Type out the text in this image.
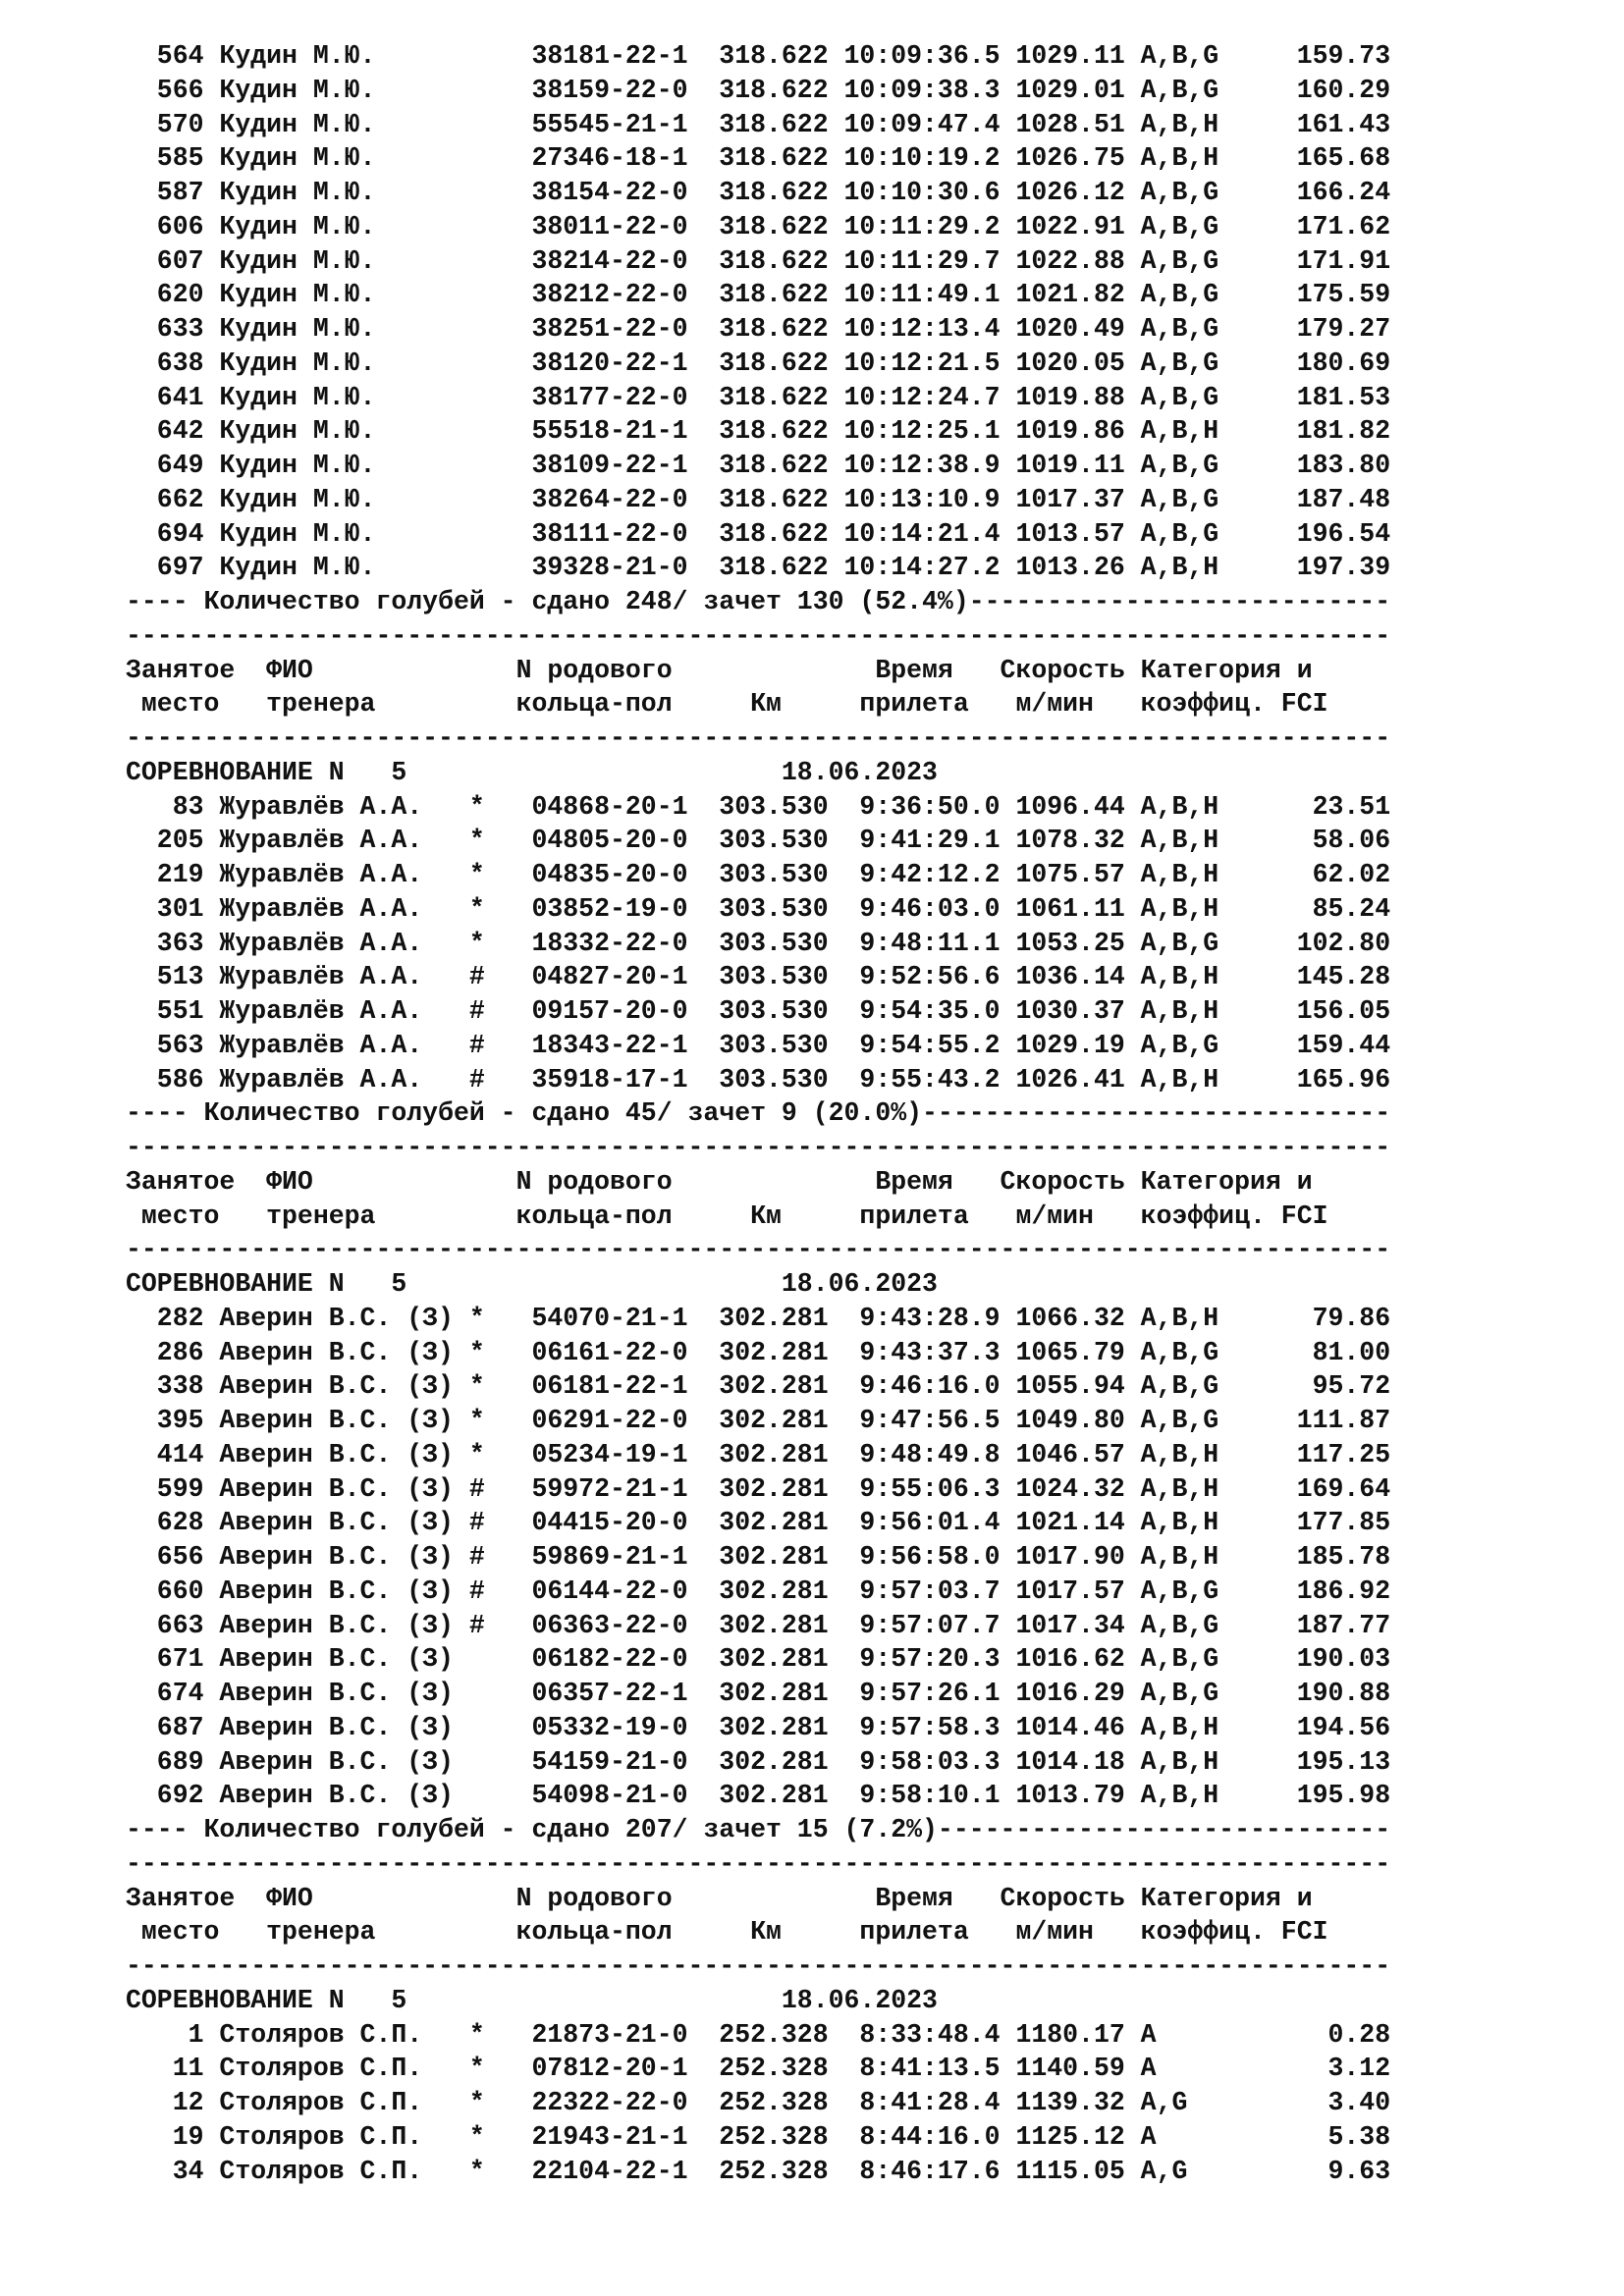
564 Кудин М.Ю.          38181-22-1  318.622 10:09:36.5 1029.11 A,B,G     159.73
566 Кудин М.Ю.          38159-22-0  318.622 10:09:38.3 1029.01 A,B,G     160.29
570 Кудин М.Ю.          55545-21-1  318.622 10:09:47.4 1028.51 A,B,H     161.43
585 Кудин М.Ю.          27346-18-1  318.622 10:10:19.2 1026.75 A,B,H     165.68
587 Кудин М.Ю.          38154-22-0  318.622 10:10:30.6 1026.12 A,B,G     166.24
606 Кудин М.Ю.          38011-22-0  318.622 10:11:29.2 1022.91 A,B,G     171.62
607 Кудин М.Ю.          38214-22-0  318.622 10:11:29.7 1022.88 A,B,G     171.91
620 Кудин М.Ю.          38212-22-0  318.622 10:11:49.1 1021.82 A,B,G     175.59
633 Кудин М.Ю.          38251-22-0  318.622 10:12:13.4 1020.49 A,B,G     179.27
638 Кудин М.Ю.          38120-22-1  318.622 10:12:21.5 1020.05 A,B,G     180.69
641 Кудин М.Ю.          38177-22-0  318.622 10:12:24.7 1019.88 A,B,G     181.53
642 Кудин М.Ю.          55518-21-1  318.622 10:12:25.1 1019.86 A,B,H     181.82
649 Кудин М.Ю.          38109-22-1  318.622 10:12:38.9 1019.11 A,B,G     183.80
662 Кудин М.Ю.          38264-22-0  318.622 10:13:10.9 1017.37 A,B,G     187.48
694 Кудин М.Ю.          38111-22-0  318.622 10:14:21.4 1013.57 A,B,G     196.54
697 Кудин М.Ю.          39328-21-0  318.622 10:14:27.2 1013.26 A,B,H     197.39
---- Количество голубей - сдано 248/ зачет 130 (52.4%)---------------------------
---------------------------------------------------------------------------------
Занятое  ФИО             N родового             Время   Скорость Категория и
место   тренера         кольца-пол     Км     прилета   м/мин   коэффиц. FCI
---------------------------------------------------------------------------------
СОРЕВНОВАНИЕ N   5                        18.06.2023
83 Журавлёв А.А.   *   04868-20-1  303.530  9:36:50.0 1096.44 A,B,H      23.51
205 Журавлёв А.А.   *   04805-20-0  303.530  9:41:29.1 1078.32 A,B,H      58.06
219 Журавлёв А.А.   *   04835-20-0  303.530  9:42:12.2 1075.57 A,B,H      62.02
301 Журавлёв А.А.   *   03852-19-0  303.530  9:46:03.0 1061.11 A,B,H      85.24
363 Журавлёв А.А.   *   18332-22-0  303.530  9:48:11.1 1053.25 A,B,G     102.80
513 Журавлёв А.А.   #   04827-20-1  303.530  9:52:56.6 1036.14 A,B,H     145.28
551 Журавлёв А.А.   #   09157-20-0  303.530  9:54:35.0 1030.37 A,B,H     156.05
563 Журавлёв А.А.   #   18343-22-1  303.530  9:54:55.2 1029.19 A,B,G     159.44
586 Журавлёв А.А.   #   35918-17-1  303.530  9:55:43.2 1026.41 A,B,H     165.96
---- Количество голубей - сдано 45/ зачет 9 (20.0%)------------------------------
---------------------------------------------------------------------------------
Занятое  ФИО             N родового             Время   Скорость Категория и
место   тренера         кольца-пол     Км     прилета   м/мин   коэффиц. FCI
---------------------------------------------------------------------------------
СОРЕВНОВАНИЕ N   5                        18.06.2023
282 Аверин В.С. (З) *   54070-21-1  302.281  9:43:28.9 1066.32 A,B,H      79.86
286 Аверин В.С. (З) *   06161-22-0  302.281  9:43:37.3 1065.79 A,B,G      81.00
338 Аверин В.С. (З) *   06181-22-1  302.281  9:46:16.0 1055.94 A,B,G      95.72
395 Аверин В.С. (З) *   06291-22-0  302.281  9:47:56.5 1049.80 A,B,G     111.87
414 Аверин В.С. (З) *   05234-19-1  302.281  9:48:49.8 1046.57 A,B,H     117.25
599 Аверин В.С. (З) #   59972-21-1  302.281  9:55:06.3 1024.32 A,B,H     169.64
628 Аверин В.С. (З) #   04415-20-0  302.281  9:56:01.4 1021.14 A,B,H     177.85
656 Аверин В.С. (З) #   59869-21-1  302.281  9:56:58.0 1017.90 A,B,H     185.78
660 Аверин В.С. (З) #   06144-22-0  302.281  9:57:03.7 1017.57 A,B,G     186.92
663 Аверин В.С. (З) #   06363-22-0  302.281  9:57:07.7 1017.34 A,B,G     187.77
671 Аверин В.С. (З)     06182-22-0  302.281  9:57:20.3 1016.62 A,B,G     190.03
674 Аверин В.С. (З)     06357-22-1  302.281  9:57:26.1 1016.29 A,B,G     190.88
687 Аверин В.С. (З)     05332-19-0  302.281  9:57:58.3 1014.46 A,B,H     194.56
689 Аверин В.С. (З)     54159-21-0  302.281  9:58:03.3 1014.18 A,B,H     195.13
692 Аверин В.С. (З)     54098-21-0  302.281  9:58:10.1 1013.79 A,B,H     195.98
---- Количество голубей - сдано 207/ зачет 15 (7.2%)-----------------------------
---------------------------------------------------------------------------------
Занятое  ФИО             N родового             Время   Скорость Категория и
место   тренера         кольца-пол     Км     прилета   м/мин   коэффиц. FCI
---------------------------------------------------------------------------------
СОРЕВНОВАНИЕ N   5                        18.06.2023
1 Столяров С.П.   *   21873-21-0  252.328  8:33:48.4 1180.17 A           0.28
11 Столяров С.П.   *   07812-20-1  252.328  8:41:13.5 1140.59 A           3.12
12 Столяров С.П.   *   22322-22-0  252.328  8:41:28.4 1139.32 A,G         3.40
19 Столяров С.П.   *   21943-21-1  252.328  8:44:16.0 1125.12 A           5.38
34 Столяров С.П.   *   22104-22-1  252.328  8:46:17.6 1115.05 A,G         9.63
